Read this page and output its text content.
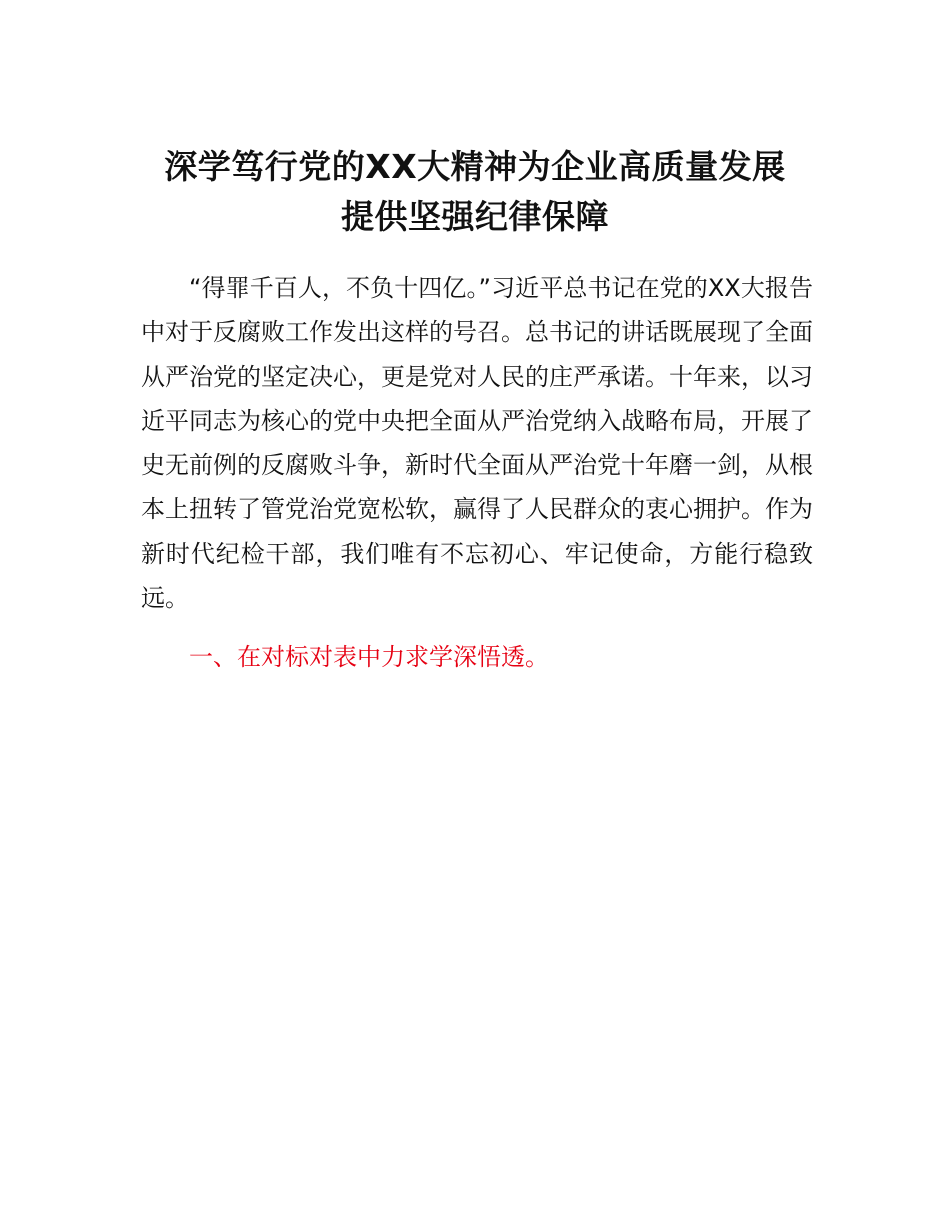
深学笃行党的XX大精神为企业高质量发展
提供坚强纪律保障

“得罪千百人，不负十四亿。”习近平总书记在党的XX大报告中对于反腐败工作发出这样的号召。总书记的讲话既展现了全面从严治党的坚定决心，更是党对人民的庄严承诺。十年来，以习近平同志为核心的党中央把全面从严治党纳入战略布局，开展了史无前例的反腐败斗争，新时代全面从严治党十年磨一剑，从根本上扭转了管党治党宽松软，赢得了人民群众的衷心拥护。作为新时代纪检干部，我们唯有不忘初心、牢记使命，方能行稳致远。

一、在对标对表中力求学深悟透。
